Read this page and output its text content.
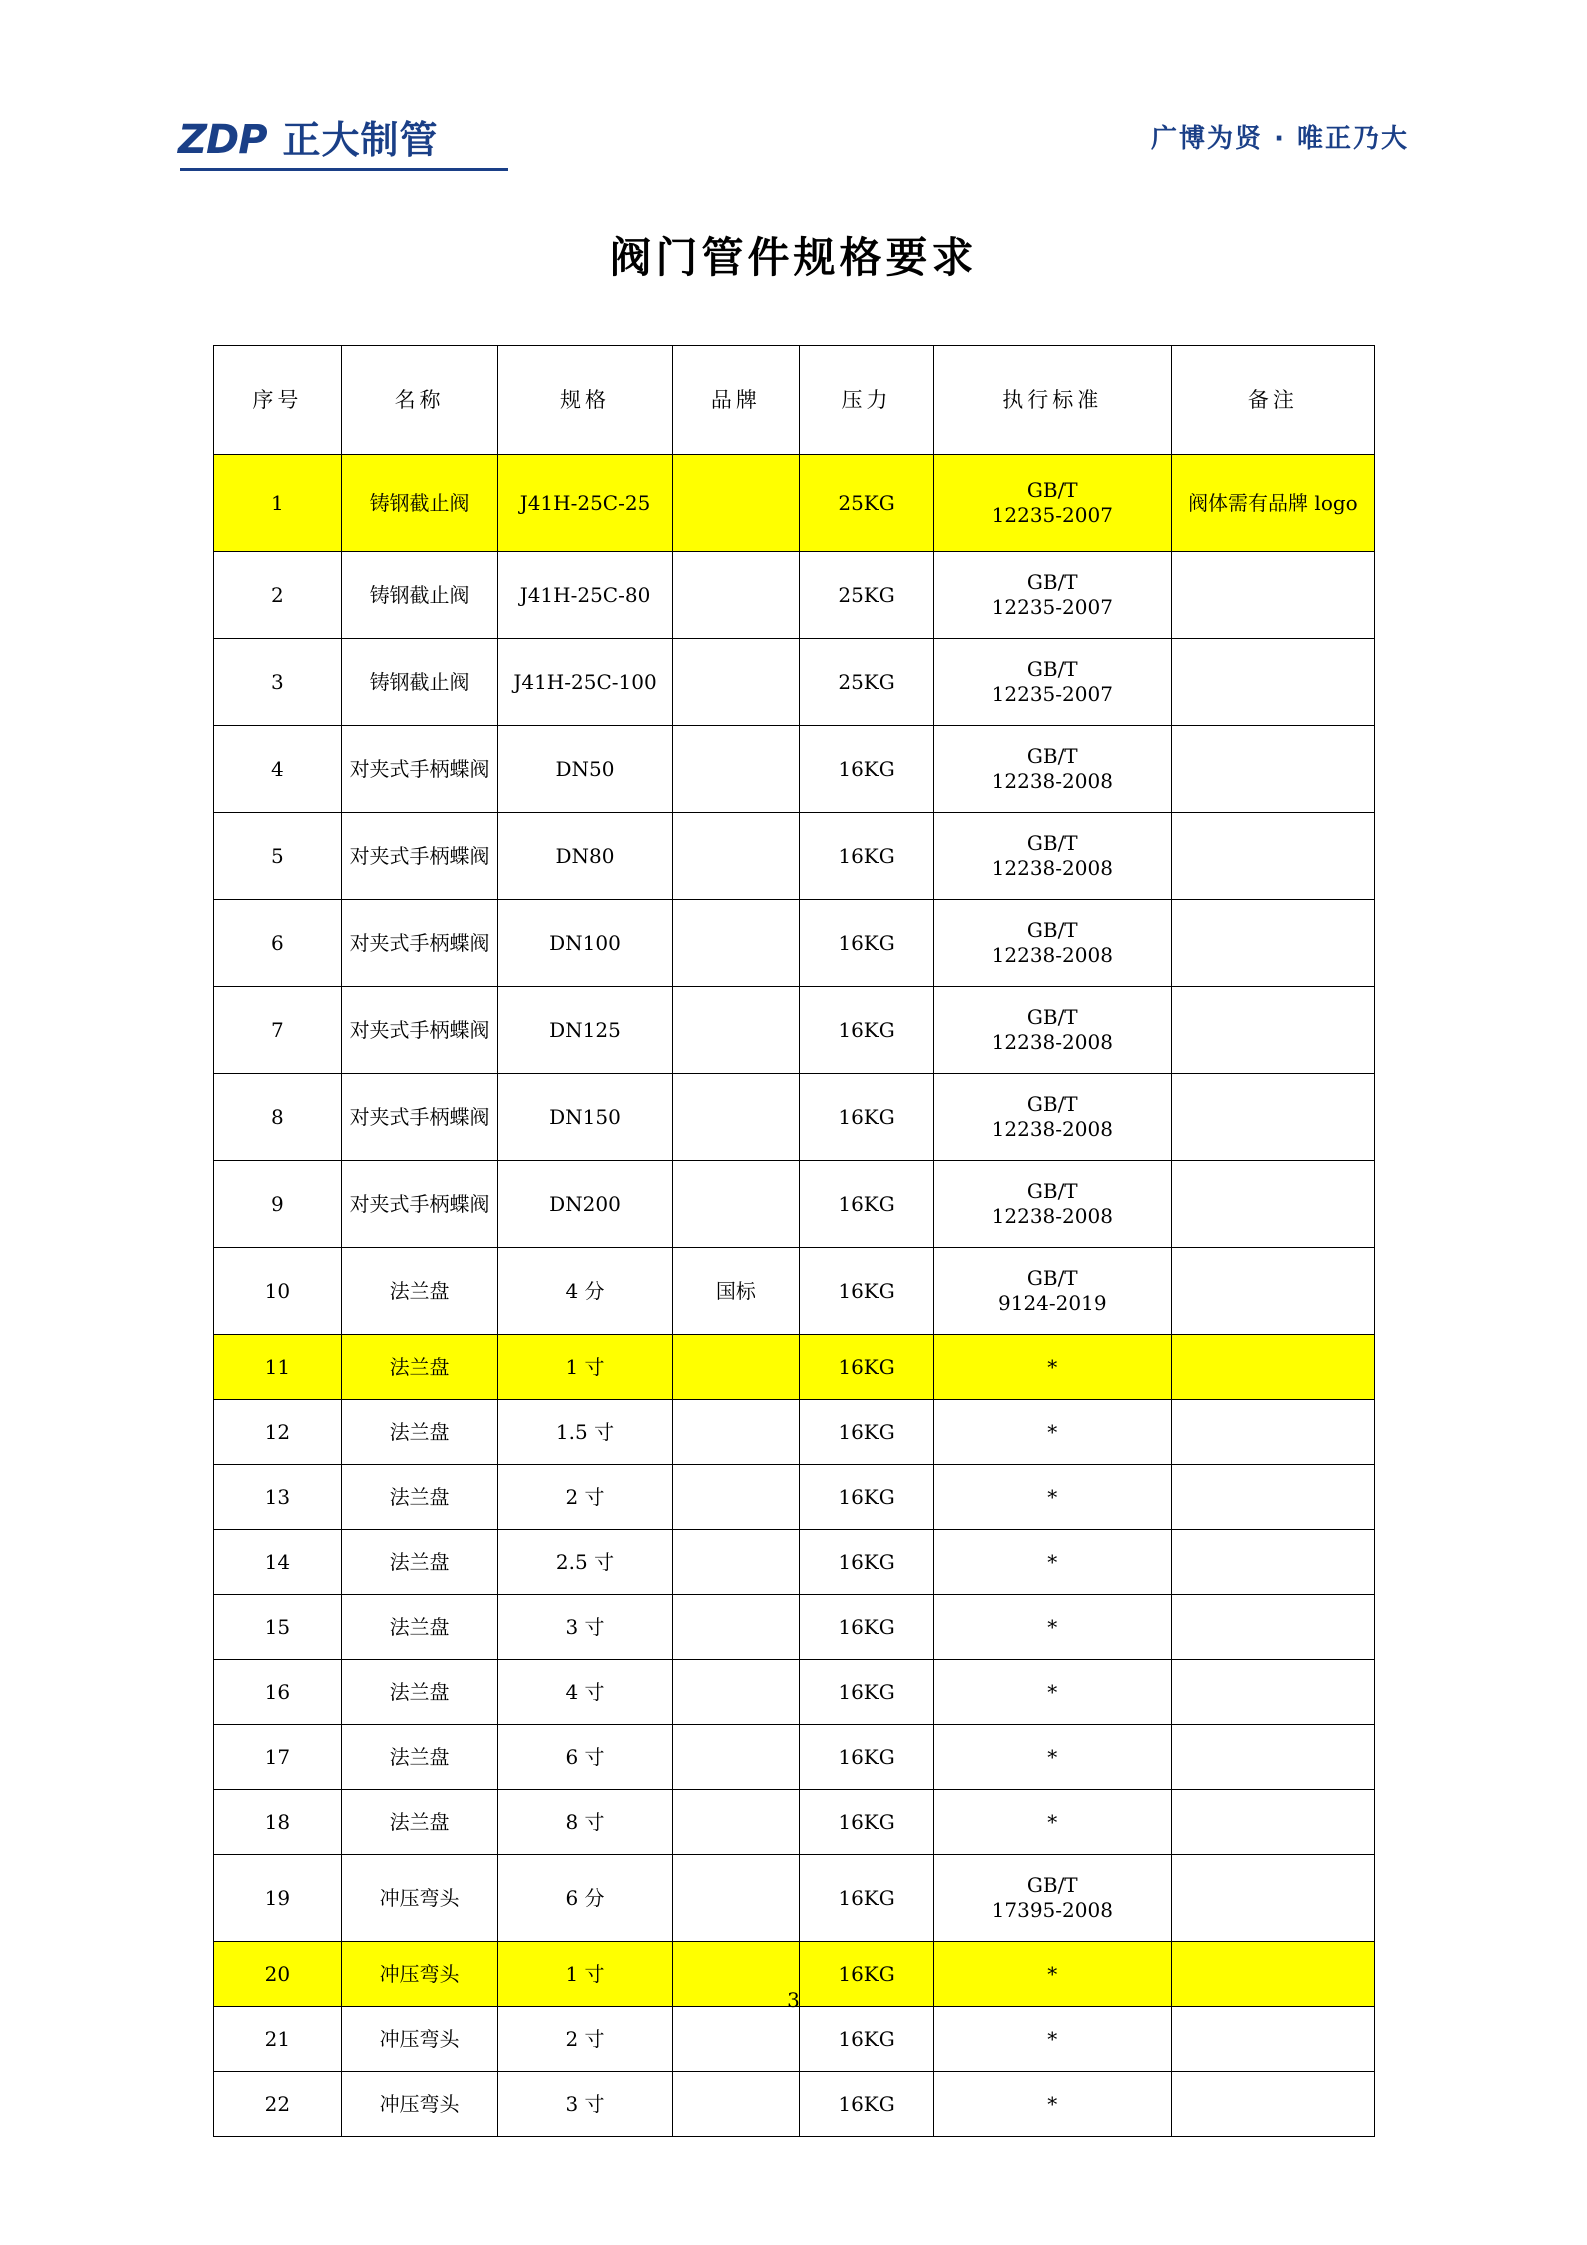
ZDP 正大制管	广博为贤 · 唯正乃大
阀门管件规格要求
序号	名称	规格	品牌	压力	执行标准	备注
1	铸钢截止阀	J41H-25C-25		25KG	GB/T
12235-2007	阀体需有品牌 logo
2	铸钢截止阀	J41H-25C-80		25KG	GB/T
12235-2007	

3	铸钢截止阀	J41H-25C-100		25KG	GB/T
12235-2007	

4	对夹式手柄蝶阀	DN50		16KG	GB/T
12238-2008	

5	对夹式手柄蝶阀	DN80		16KG	GB/T
12238-2008	

6	对夹式手柄蝶阀	DN100		16KG	GB/T
12238-2008	

7	对夹式手柄蝶阀	DN125		16KG	GB/T
12238-2008	

8	对夹式手柄蝶阀	DN150		16KG	GB/T
12238-2008	

9	对夹式手柄蝶阀	DN200		16KG	GB/T
12238-2008	

10	法兰盘	4 分	国标	16KG	GB/T
9124-2019	

11	法兰盘	1 寸		16KG	*	

12	法兰盘	1.5 寸		16KG	*	

13	法兰盘	2 寸		16KG	*	

14	法兰盘	2.5 寸		16KG	*	

15	法兰盘	3 寸		16KG	*	

16	法兰盘	4 寸		16KG	*	

17	法兰盘	6 寸		16KG	*	

18	法兰盘	8 寸		16KG	*	

19	冲压弯头	6 分		16KG	GB/T
17395-2008	

20	冲压弯头	1 寸		16KG	*	

21	冲压弯头	2 寸		16KG	*	

22	冲压弯头	3 寸		16KG	*	

3
